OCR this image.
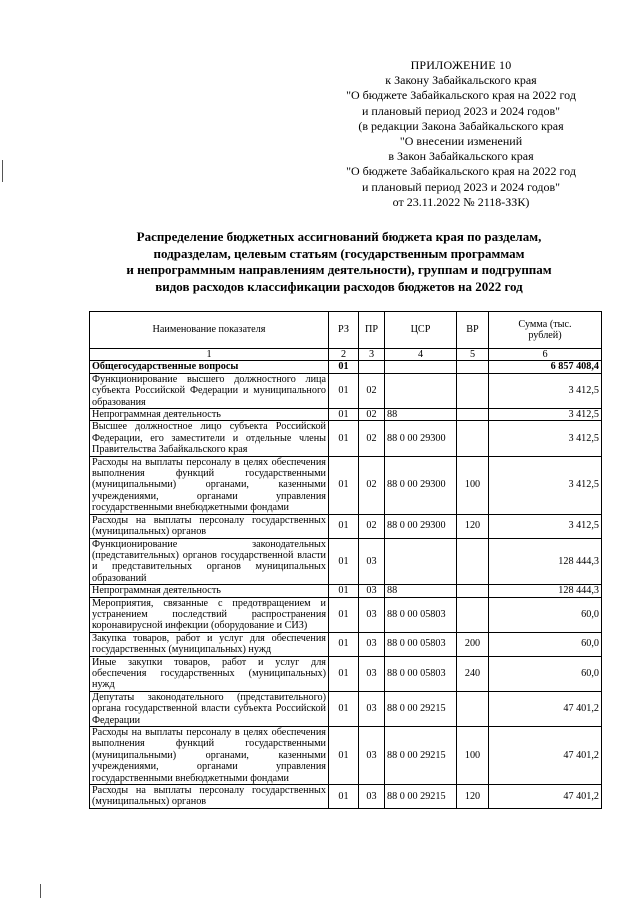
ПРИЛОЖЕНИЕ 10
к Закону Забайкальского края
"О бюджете Забайкальского края на 2022 год
и плановый период 2023 и 2024 годов"
(в редакции Закона Забайкальского края
"О внесении изменений
в Закон Забайкальского края
"О бюджете Забайкальского края на 2022 год
и плановый период 2023 и 2024 годов"
от 23.11.2022 № 2118-ЗЗК)
Распределение бюджетных ассигнований бюджета края по разделам,
подразделам, целевым статьям (государственным программам
и непрограммным направлениям деятельности), группам и подгруппам
видов расходов классификации расходов бюджетов на 2022 год
Наименование показателя	РЗ	ПР	ЦСР	ВР	Сумма (тыс. рублей)
1	2	3	4	5	6
Общегосударственные вопросы	01				6 857 408,4
Функционирование высшего должностного лица субъекта Российской Федерации и муниципального образования	01	02			3 412,5
Непрограммная деятельность	01	02	88		3 412,5
Высшее должностное лицо субъекта Российской Федерации, его заместители и отдельные члены Правительства Забайкальского края	01	02	88 0 00 29300		3 412,5
Расходы на выплаты персоналу в целях обеспечения выполнения функций государственными (муниципальными) органами, казенными учреждениями, органами управления государственными внебюджетными фондами	01	02	88 0 00 29300	100	3 412,5
Расходы на выплаты персоналу государственных (муниципальных) органов	01	02	88 0 00 29300	120	3 412,5
Функционирование законодательных (представительных) органов государственной власти и представительных органов муниципальных образований	01	03			128 444,3
Непрограммная деятельность	01	03	88		128 444,3
Мероприятия, связанные с предотвращением и устранением последствий распространения коронавирусной инфекции (оборудование и СИЗ)	01	03	88 0 00 05803		60,0
Закупка товаров, работ и услуг для обеспечения государственных (муниципальных) нужд	01	03	88 0 00 05803	200	60,0
Иные закупки товаров, работ и услуг для обеспечения государственных (муниципальных) нужд	01	03	88 0 00 05803	240	60,0
Депутаты законодательного (представительного) органа государственной власти субъекта Российской Федерации	01	03	88 0 00 29215		47 401,2
Расходы на выплаты персоналу в целях обеспечения выполнения функций государственными (муниципальными) органами, казенными учреждениями, органами управления государственными внебюджетными фондами	01	03	88 0 00 29215	100	47 401,2
Расходы на выплаты персоналу государственных (муниципальных) органов	01	03	88 0 00 29215	120	47 401,2
